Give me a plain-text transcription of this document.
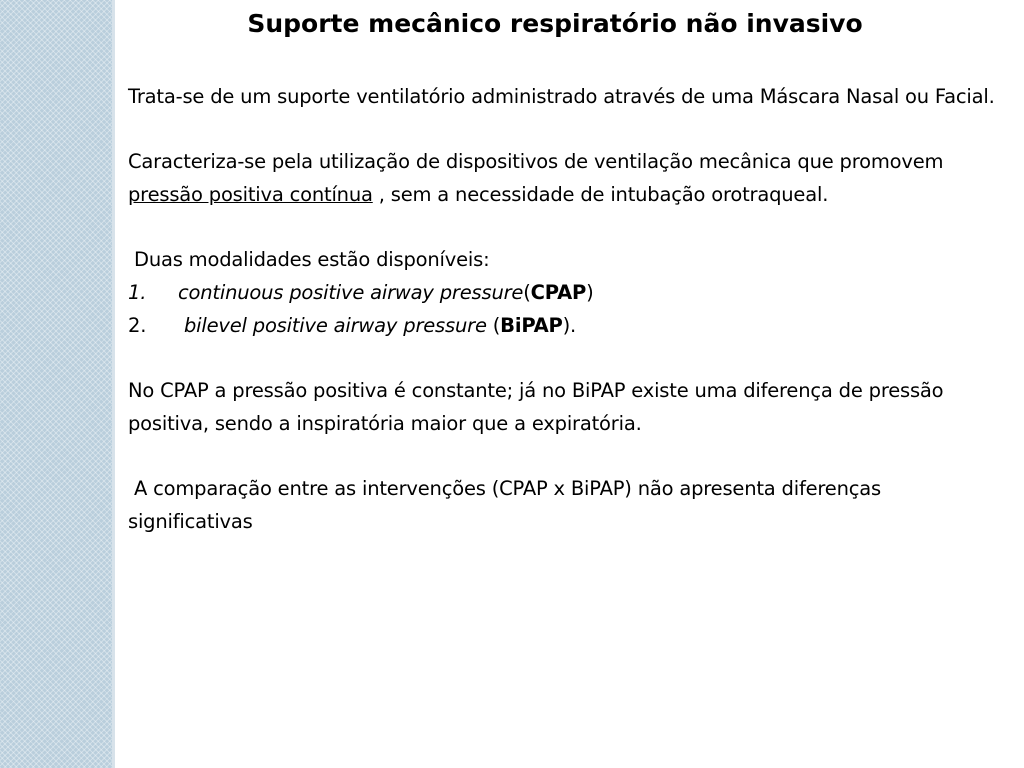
Suporte mecânico respiratório não invasivo

Trata-se de um suporte ventilatório administrado através de uma Máscara Nasal ou Facial.

Caracteriza-se pela utilização de dispositivos de ventilação mecânica que promovem pressão positiva contínua , sem a necessidade de intubação orotraqueal.

Duas modalidades estão disponíveis:

1.	continuous positive airway pressure(CPAP)
2.	bilevel positive airway pressure (BiPAP).

No CPAP a pressão positiva é constante; já no BiPAP existe uma diferença de pressão positiva, sendo a inspiratória maior que a expiratória.

A comparação entre as intervenções (CPAP x BiPAP) não apresenta diferenças significativas
